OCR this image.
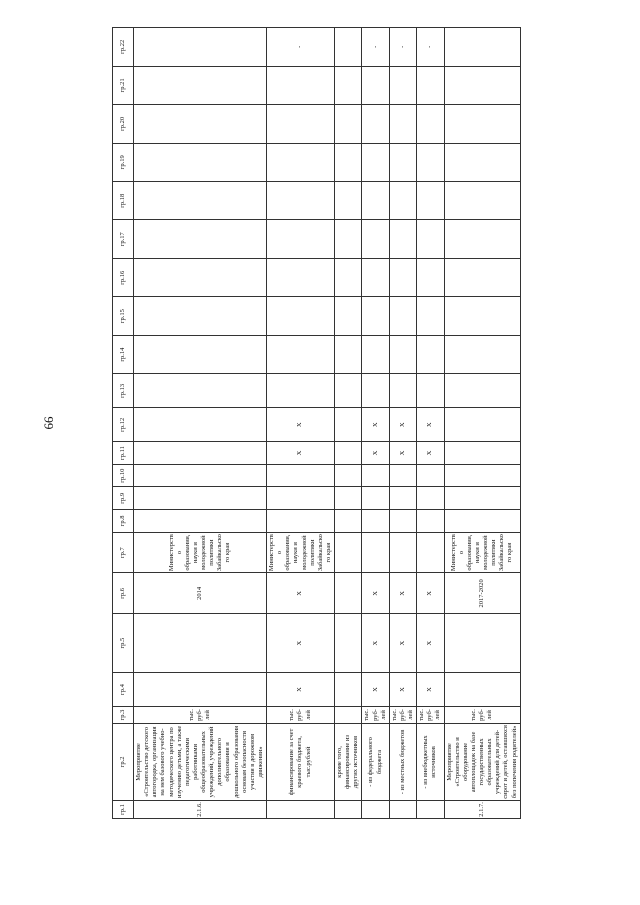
66
гр.1	гр.2	гр.3	гр.4	гр.5	гр.6	гр.7	гр.8	гр.9	гр.10	гр.11	гр.12	гр.13	гр.14	гр.15	гр.16	гр.17	гр.18	гр.19	гр.20	гр.21	гр.22
2.1.6.	Мероприятие «Строительство детского автогородка, организация на нем базового учебно-методического центра по изучению детьми, а также педагогическими работниками общеобразовательных учреждений, учреждений дополнительного образования и дошкольного образования основам безопасности участия в дорожном движении»	тыс. руб-лей			2014	Министерство образования, науки и молодежной политики Забайкальского края															
	финансирование за счет краевого бюджета, тыс.рублей	тыс. руб-лей	X	X	X	Министерство образования, науки и молодежной политики Забайкальского края				X	X										-
	кроме того, финансирование из других источников																				
	- из федерального бюджета	тыс. руб-лей	X	X	X					X	X										-
	- из местных бюджетов	тыс. руб-лей	X	X	X					X	X										-
	- из внебюджетных источников	тыс. руб-лей	X	X	X					X	X										-
2.1.7.	Мероприятие «Строительство и оборудование автоплощадок на базе государственных образовательных учреждений для детей-сирот и детей, оставшихся без попечения родителей»	тыс. руб-лей			2017-2020	Министерство образования, науки и молодежной политики Забайкальского края															
